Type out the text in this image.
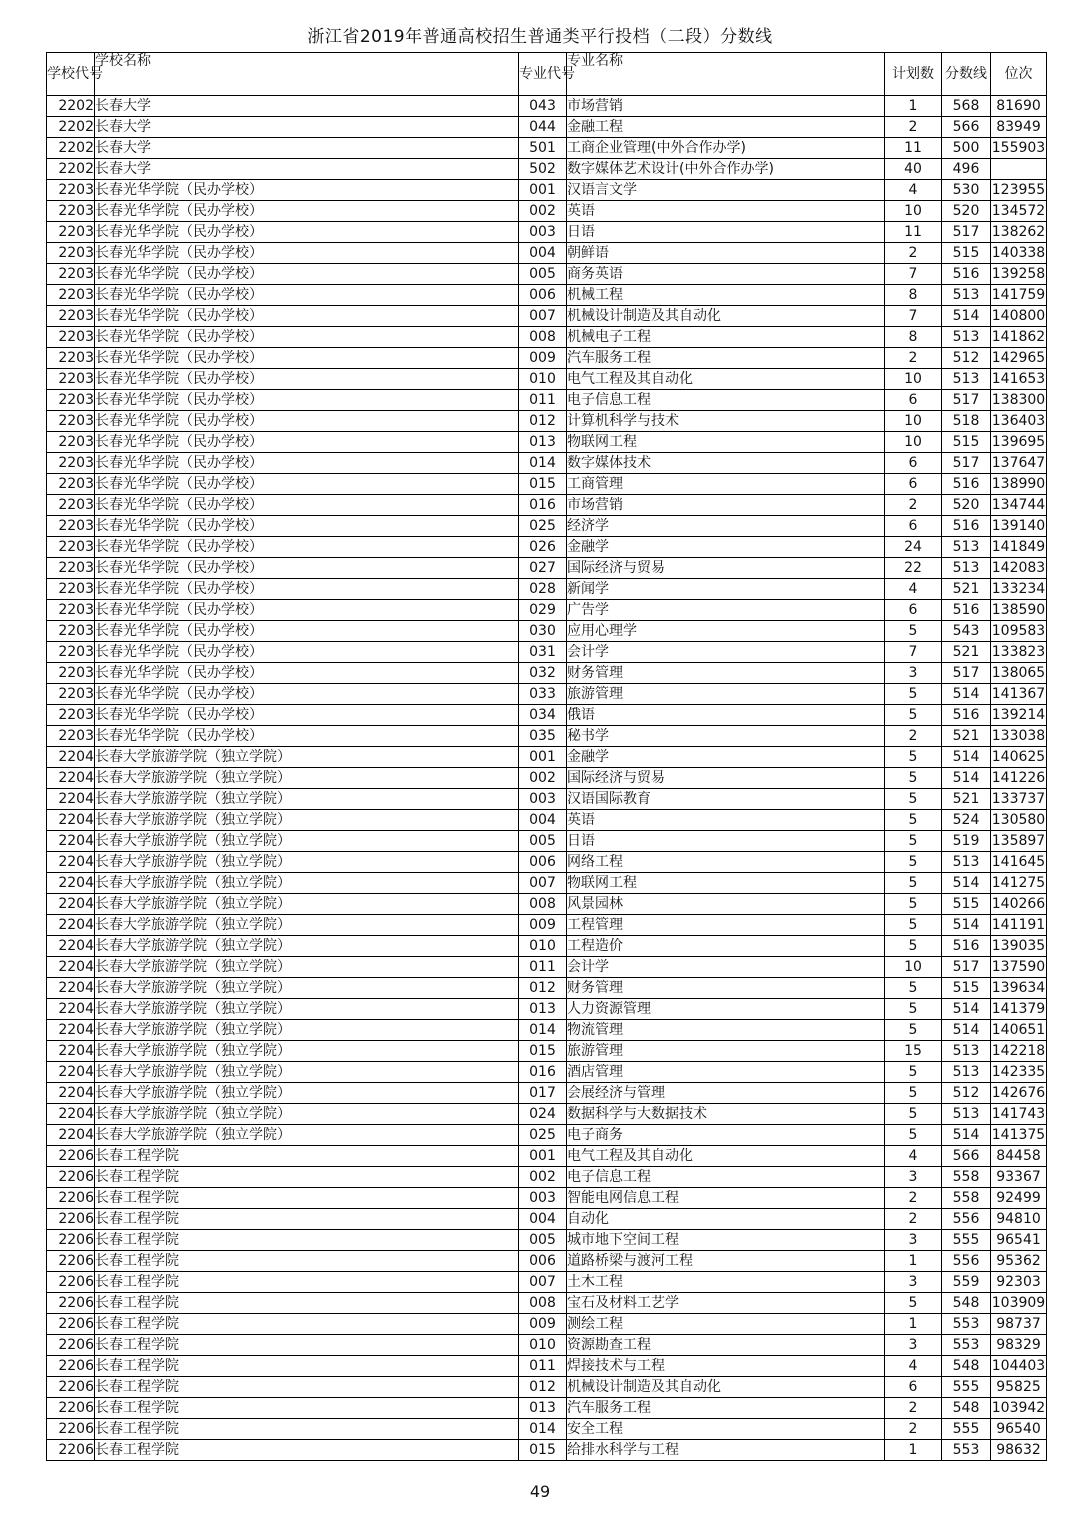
浙江省2019年普通高校招生普通类平行投档（二段）分数线
学校代号	学校名称	专业代号	专业名称	计划数	分数线	位次
2202	长春大学	043	市场营销	1	568	81690
2202	长春大学	044	金融工程	2	566	83949
2202	长春大学	501	工商企业管理(中外合作办学)	11	500	155903
2202	长春大学	502	数字媒体艺术设计(中外合作办学)	40	496	
2203	长春光华学院（民办学校）	001	汉语言文学	4	530	123955
2203	长春光华学院（民办学校）	002	英语	10	520	134572
2203	长春光华学院（民办学校）	003	日语	11	517	138262
2203	长春光华学院（民办学校）	004	朝鲜语	2	515	140338
2203	长春光华学院（民办学校）	005	商务英语	7	516	139258
2203	长春光华学院（民办学校）	006	机械工程	8	513	141759
2203	长春光华学院（民办学校）	007	机械设计制造及其自动化	7	514	140800
2203	长春光华学院（民办学校）	008	机械电子工程	8	513	141862
2203	长春光华学院（民办学校）	009	汽车服务工程	2	512	142965
2203	长春光华学院（民办学校）	010	电气工程及其自动化	10	513	141653
2203	长春光华学院（民办学校）	011	电子信息工程	6	517	138300
2203	长春光华学院（民办学校）	012	计算机科学与技术	10	518	136403
2203	长春光华学院（民办学校）	013	物联网工程	10	515	139695
2203	长春光华学院（民办学校）	014	数字媒体技术	6	517	137647
2203	长春光华学院（民办学校）	015	工商管理	6	516	138990
2203	长春光华学院（民办学校）	016	市场营销	2	520	134744
2203	长春光华学院（民办学校）	025	经济学	6	516	139140
2203	长春光华学院（民办学校）	026	金融学	24	513	141849
2203	长春光华学院（民办学校）	027	国际经济与贸易	22	513	142083
2203	长春光华学院（民办学校）	028	新闻学	4	521	133234
2203	长春光华学院（民办学校）	029	广告学	6	516	138590
2203	长春光华学院（民办学校）	030	应用心理学	5	543	109583
2203	长春光华学院（民办学校）	031	会计学	7	521	133823
2203	长春光华学院（民办学校）	032	财务管理	3	517	138065
2203	长春光华学院（民办学校）	033	旅游管理	5	514	141367
2203	长春光华学院（民办学校）	034	俄语	5	516	139214
2203	长春光华学院（民办学校）	035	秘书学	2	521	133038
2204	长春大学旅游学院（独立学院）	001	金融学	5	514	140625
2204	长春大学旅游学院（独立学院）	002	国际经济与贸易	5	514	141226
2204	长春大学旅游学院（独立学院）	003	汉语国际教育	5	521	133737
2204	长春大学旅游学院（独立学院）	004	英语	5	524	130580
2204	长春大学旅游学院（独立学院）	005	日语	5	519	135897
2204	长春大学旅游学院（独立学院）	006	网络工程	5	513	141645
2204	长春大学旅游学院（独立学院）	007	物联网工程	5	514	141275
2204	长春大学旅游学院（独立学院）	008	风景园林	5	515	140266
2204	长春大学旅游学院（独立学院）	009	工程管理	5	514	141191
2204	长春大学旅游学院（独立学院）	010	工程造价	5	516	139035
2204	长春大学旅游学院（独立学院）	011	会计学	10	517	137590
2204	长春大学旅游学院（独立学院）	012	财务管理	5	515	139634
2204	长春大学旅游学院（独立学院）	013	人力资源管理	5	514	141379
2204	长春大学旅游学院（独立学院）	014	物流管理	5	514	140651
2204	长春大学旅游学院（独立学院）	015	旅游管理	15	513	142218
2204	长春大学旅游学院（独立学院）	016	酒店管理	5	513	142335
2204	长春大学旅游学院（独立学院）	017	会展经济与管理	5	512	142676
2204	长春大学旅游学院（独立学院）	024	数据科学与大数据技术	5	513	141743
2204	长春大学旅游学院（独立学院）	025	电子商务	5	514	141375
2206	长春工程学院	001	电气工程及其自动化	4	566	84458
2206	长春工程学院	002	电子信息工程	3	558	93367
2206	长春工程学院	003	智能电网信息工程	2	558	92499
2206	长春工程学院	004	自动化	2	556	94810
2206	长春工程学院	005	城市地下空间工程	3	555	96541
2206	长春工程学院	006	道路桥梁与渡河工程	1	556	95362
2206	长春工程学院	007	土木工程	3	559	92303
2206	长春工程学院	008	宝石及材料工艺学	5	548	103909
2206	长春工程学院	009	测绘工程	1	553	98737
2206	长春工程学院	010	资源勘查工程	3	553	98329
2206	长春工程学院	011	焊接技术与工程	4	548	104403
2206	长春工程学院	012	机械设计制造及其自动化	6	555	95825
2206	长春工程学院	013	汽车服务工程	2	548	103942
2206	长春工程学院	014	安全工程	2	555	96540
2206	长春工程学院	015	给排水科学与工程	1	553	98632
49
